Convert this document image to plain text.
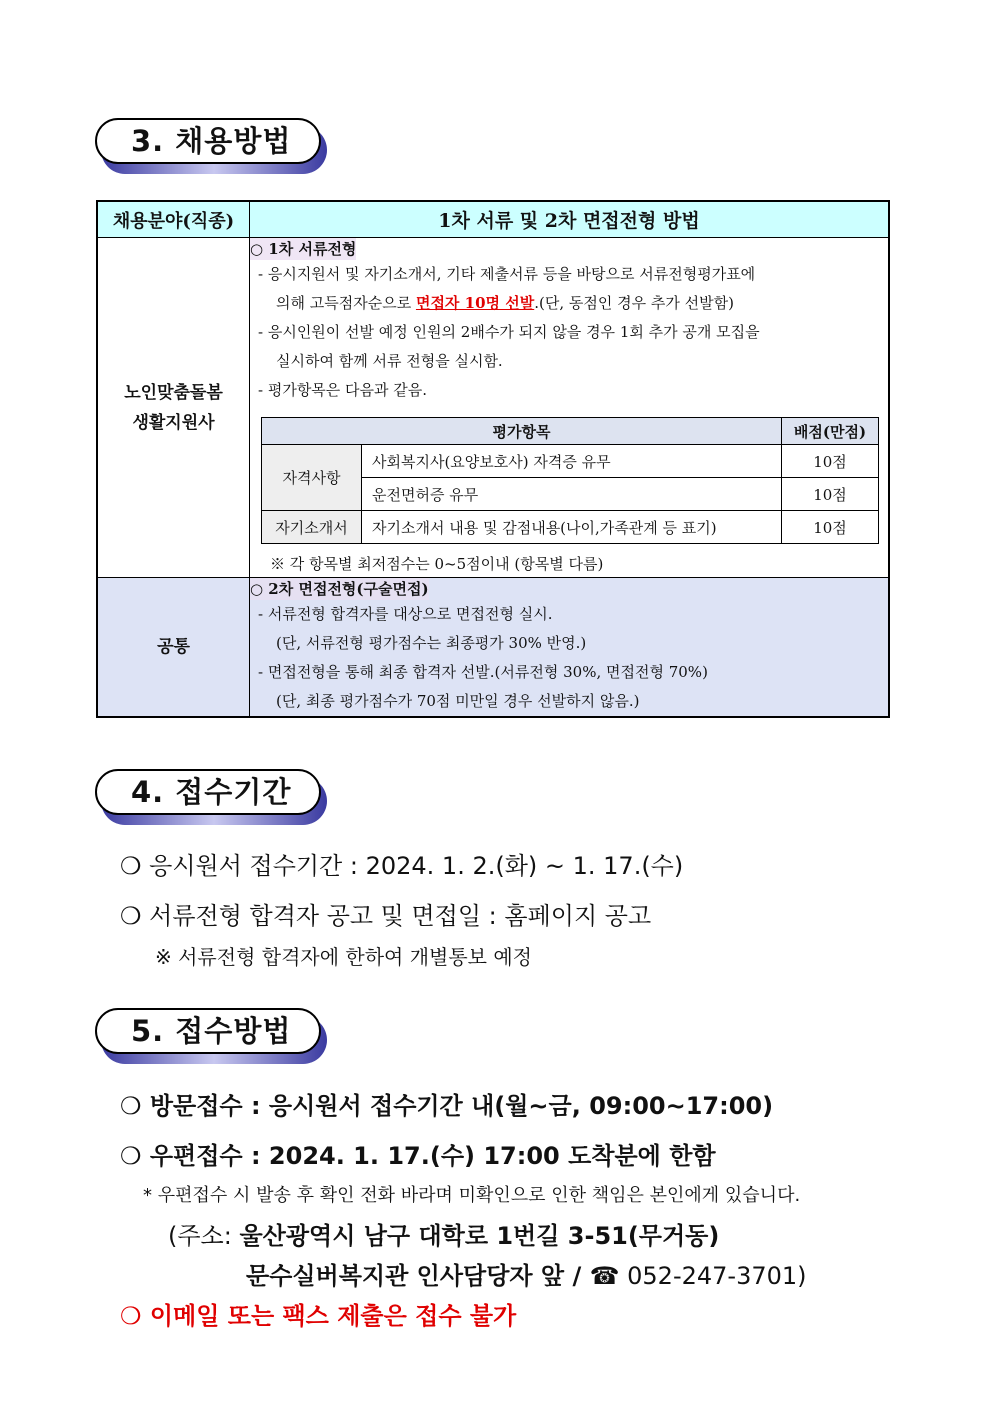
3. 채용방법
채용분야(직종)	1차 서류 및 2차 면접전형 방법

노인맞춤돌봄
생활지원사

○ 1차 서류전형
- 응시지원서 및 자기소개서, 기타 제출서류 등을 바탕으로 서류전형평가표에
의해 고득점자순으로 면접자 10명 선발.(단, 동점인 경우 추가 선발함)
- 응시인원이 선발 예정 인원의 2배수가 되지 않을 경우 1회 추가 공개 모집을
실시하여 함께 서류 전형을 실시함.
- 평가항목은 다음과 같음.
평가항목	배점(만점)
자격사항	사회복지사(요양보호사) 자격증 유무	10점
운전면허증 유무	10점
자기소개서	자기소개서 내용 및 감점내용(나이,가족관계 등 표기)	10점
※ 각 항목별 최저점수는 0~5점이내 (항목별 다름)

공통	
○ 2차 면접전형(구술면접)
- 서류전형 합격자를 대상으로 면접전형 실시.
(단, 서류전형 평가점수는 최종평가 30% 반영.)
- 면접전형을 통해 최종 합격자 선발.(서류전형 30%, 면접전형 70%)
(단, 최종 평가점수가 70점 미만일 경우 선발하지 않음.)
4. 접수기간
❍ 응시원서 접수기간 : 2024. 1. 2.(화) ~ 1. 17.(수)
❍ 서류전형 합격자 공고 및 면접일 : 홈페이지 공고
※ 서류전형 합격자에 한하여 개별통보 예정
5. 접수방법
❍ 방문접수 : 응시원서 접수기간 내(월~금, 09:00~17:00)
❍ 우편접수 : 2024. 1. 17.(수) 17:00 도착분에 한함
* 우편접수 시 발송 후 확인 전화 바라며 미확인으로 인한 책임은 본인에게 있습니다.
(주소: 울산광역시 남구 대학로 1번길 3-51(무거동)
문수실버복지관 인사담당자 앞 / ☎ 052-247-3701)
❍ 이메일 또는 팩스 제출은 접수 불가
